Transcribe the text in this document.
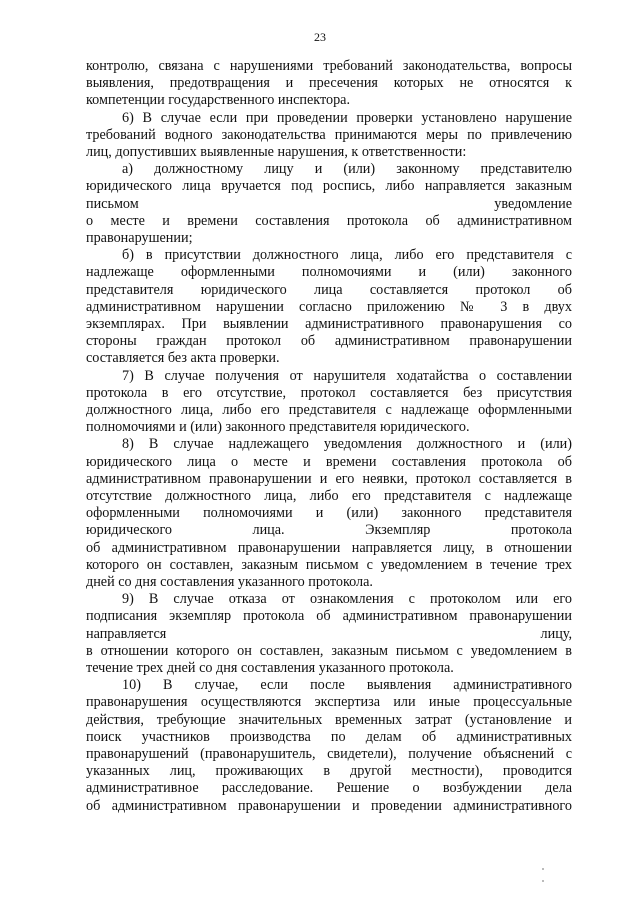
23
контролю, связана с нарушениями требований законодательства, вопросы
выявления, предотвращения и пресечения которых не относятся к
компетенции государственного инспектора.
6) В случае если при проведении проверки установлено нарушение
требований водного законодательства принимаются меры по привлечению
лиц, допустивших выявленные нарушения, к ответственности:
а) должностному лицу и (или) законному представителю
юридического лица вручается под роспись, либо направляется заказным
письмом	уведомление
о месте и времени составления протокола об административном
правонарушении;
б) в присутствии должностного лица, либо его представителя с
надлежаще оформленными полномочиями и (или) законного
представителя юридического лица составляется протокол об
административном нарушении согласно приложению № 3 в двух
экземплярах. При выявлении административного правонарушения со
стороны граждан протокол об административном правонарушении
составляется без акта проверки.
7) В случае получения от нарушителя ходатайства о составлении
протокола в его отсутствие, протокол составляется без присутствия
должностного лица, либо его представителя с надлежаще оформленными
полномочиями и (или) законного представителя юридического.
8) В случае надлежащего уведомления должностного и (или)
юридического лица о месте и времени составления протокола об
административном правонарушении и его неявки, протокол составляется в
отсутствие должностного лица, либо его представителя с надлежаще
оформленными полномочиями и (или) законного представителя
юридического лица. Экземпляр протокола
об административном правонарушении направляется лицу, в отношении
которого он составлен, заказным письмом с уведомлением в течение трех
дней со дня составления указанного протокола.
9) В случае отказа от ознакомления с протоколом или его
подписания экземпляр протокола об административном правонарушении
направляется	лицу,
в отношении которого он составлен, заказным письмом с уведомлением в
течение трех дней со дня составления указанного протокола.
10) В случае, если после выявления административного
правонарушения осуществляются экспертиза или иные процессуальные
действия, требующие значительных временных затрат (установление и
поиск участников производства по делам об административных
правонарушений (правонарушитель, свидетели), получение объяснений с
указанных лиц, проживающих в другой местности), проводится
административное расследование. Решение о возбуждении дела
об административном правонарушении и проведении административного
